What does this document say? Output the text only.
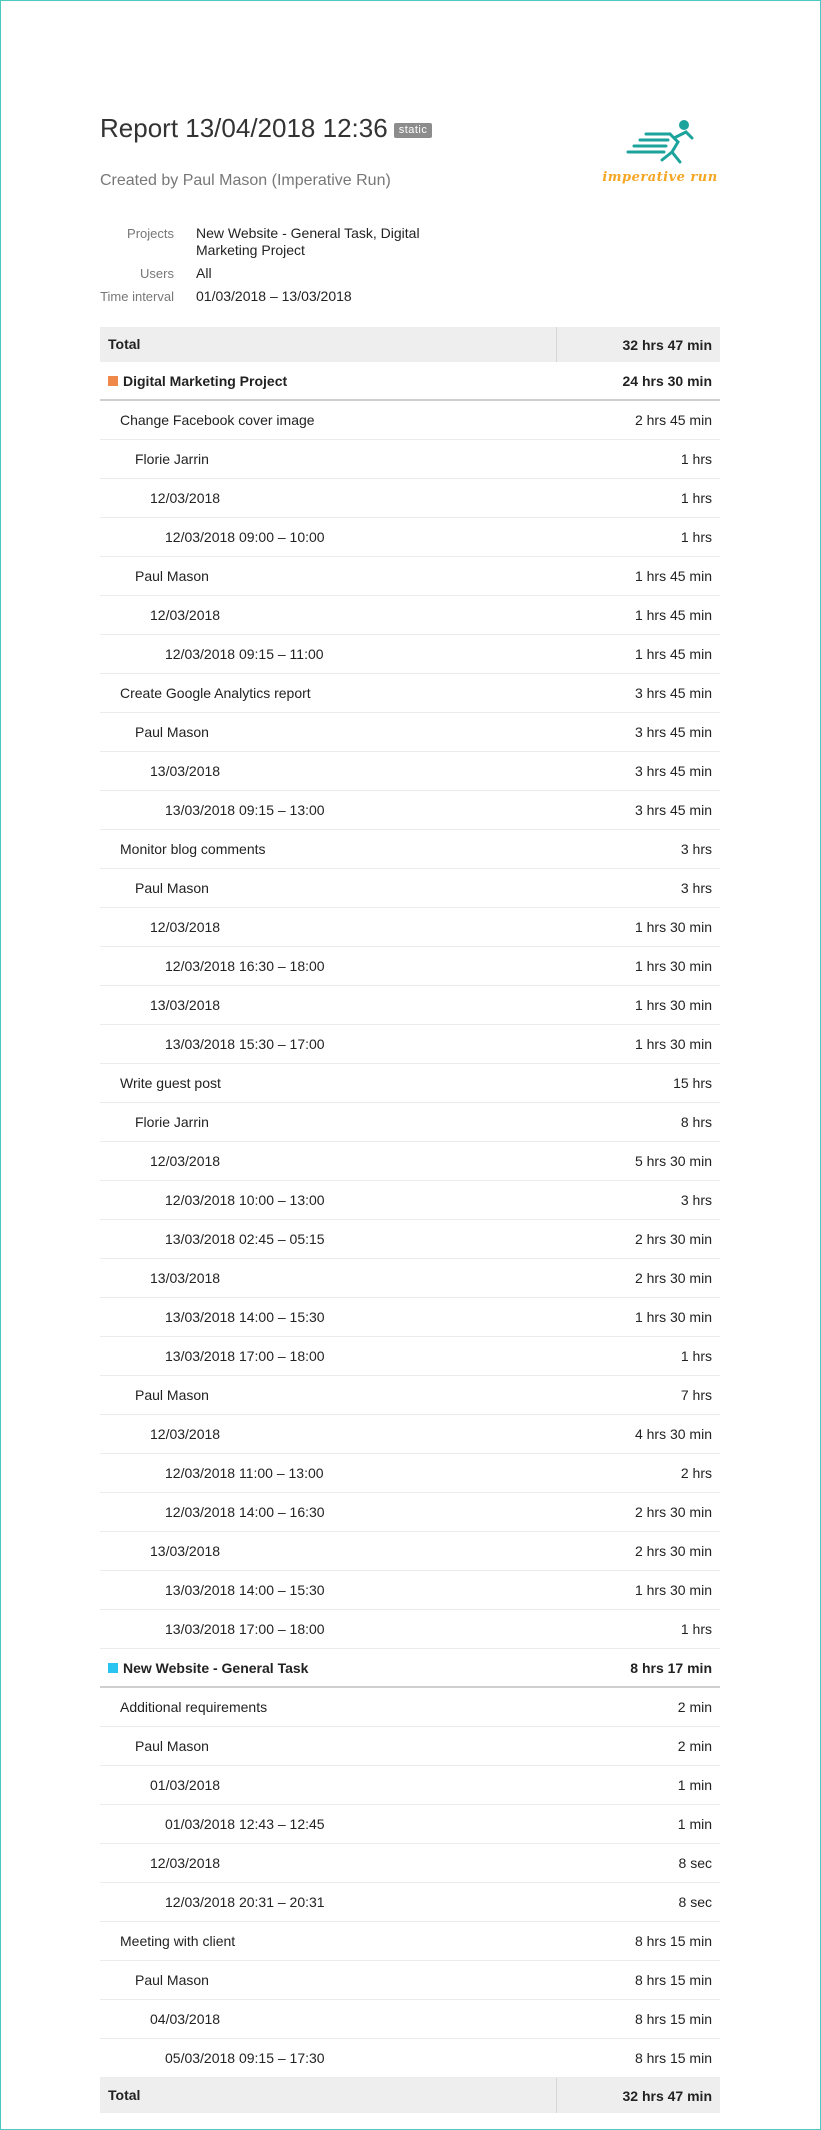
Report 13/04/2018 12:36 static
Created by Paul Mason (Imperative Run)	imperative run
Projects New Website - General Task, Digital Marketing Project
Users All
Time interval 01/03/2018 – 13/03/2018
Total	32 hrs 47 min
Digital Marketing Project	24 hrs 30 min
Change Facebook cover image	2 hrs 45 min
Florie Jarrin	1 hrs
12/03/2018	1 hrs
12/03/2018 09:00 – 10:00	1 hrs
Paul Mason	1 hrs 45 min
12/03/2018	1 hrs 45 min
12/03/2018 09:15 – 11:00	1 hrs 45 min
Create Google Analytics report	3 hrs 45 min
Paul Mason	3 hrs 45 min
13/03/2018	3 hrs 45 min
13/03/2018 09:15 – 13:00	3 hrs 45 min
Monitor blog comments	3 hrs
Paul Mason	3 hrs
12/03/2018	1 hrs 30 min
12/03/2018 16:30 – 18:00	1 hrs 30 min
13/03/2018	1 hrs 30 min
13/03/2018 15:30 – 17:00	1 hrs 30 min
Write guest post	15 hrs
Florie Jarrin	8 hrs
12/03/2018	5 hrs 30 min
12/03/2018 10:00 – 13:00	3 hrs
13/03/2018 02:45 – 05:15	2 hrs 30 min
13/03/2018	2 hrs 30 min
13/03/2018 14:00 – 15:30	1 hrs 30 min
13/03/2018 17:00 – 18:00	1 hrs
Paul Mason	7 hrs
12/03/2018	4 hrs 30 min
12/03/2018 11:00 – 13:00	2 hrs
12/03/2018 14:00 – 16:30	2 hrs 30 min
13/03/2018	2 hrs 30 min
13/03/2018 14:00 – 15:30	1 hrs 30 min
13/03/2018 17:00 – 18:00	1 hrs
New Website - General Task	8 hrs 17 min
Additional requirements	2 min
Paul Mason	2 min
01/03/2018	1 min
01/03/2018 12:43 – 12:45	1 min
12/03/2018	8 sec
12/03/2018 20:31 – 20:31	8 sec
Meeting with client	8 hrs 15 min
Paul Mason	8 hrs 15 min
04/03/2018	8 hrs 15 min
05/03/2018 09:15 – 17:30	8 hrs 15 min
Total	32 hrs 47 min
